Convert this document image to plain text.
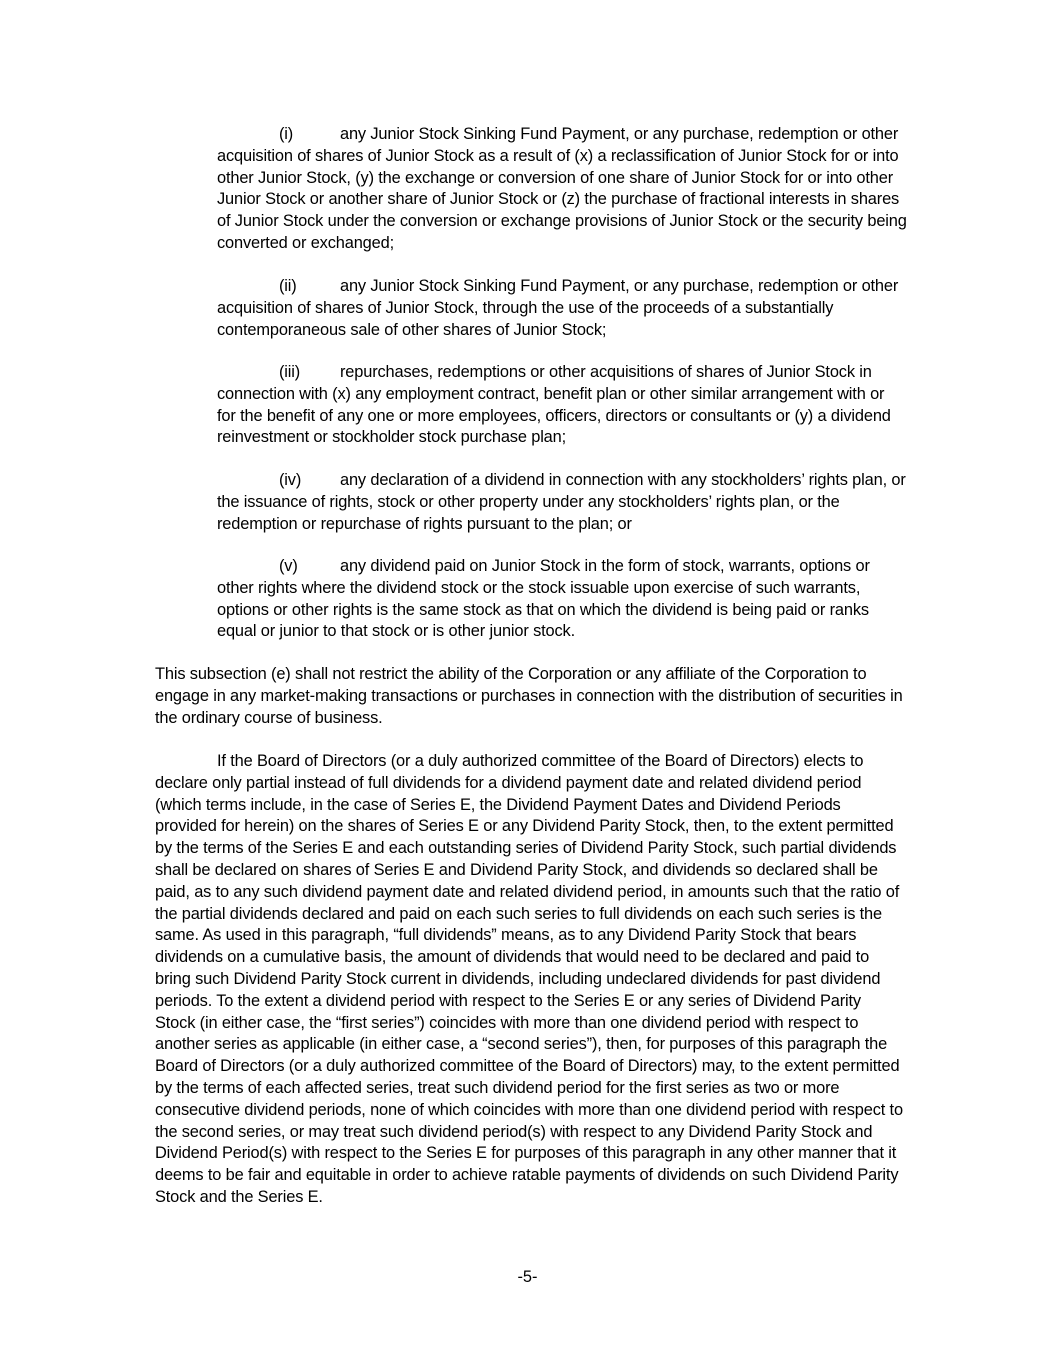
(i)	any Junior Stock Sinking Fund Payment, or any purchase, redemption or other acquisition of shares of Junior Stock as a result of (x) a reclassification of Junior Stock for or into other Junior Stock, (y) the exchange or conversion of one share of Junior Stock for or into other Junior Stock or another share of Junior Stock or (z) the purchase of fractional interests in shares of Junior Stock under the conversion or exchange provisions of Junior Stock or the security being converted or exchanged;
(ii)	any Junior Stock Sinking Fund Payment, or any purchase, redemption or other acquisition of shares of Junior Stock, through the use of the proceeds of a substantially contemporaneous sale of other shares of Junior Stock;
(iii) repurchases, redemptions or other acquisitions of shares of Junior Stock in connection with (x) any employment contract, benefit plan or other similar arrangement with or for the benefit of any one or more employees, officers, directors or consultants or (y) a dividend reinvestment or stockholder stock purchase plan;
(iv) any declaration of a dividend in connection with any stockholders’ rights plan, or the issuance of rights, stock or other property under any stockholders’ rights plan, or the redemption or repurchase of rights pursuant to the plan; or
(v)	any dividend paid on Junior Stock in the form of stock, warrants, options or other rights where the dividend stock or the stock issuable upon exercise of such warrants, options or other rights is the same stock as that on which the dividend is being paid or ranks equal or junior to that stock or is other junior stock.
This subsection (e) shall not restrict the ability of the Corporation or any affiliate of the Corporation to engage in any market-making transactions or purchases in connection with the distribution of securities in the ordinary course of business.
If the Board of Directors (or a duly authorized committee of the Board of Directors) elects to declare only partial instead of full dividends for a dividend payment date and related dividend period (which terms include, in the case of Series E, the Dividend Payment Dates and Dividend Periods provided for herein) on the shares of Series E or any Dividend Parity Stock, then, to the extent permitted by the terms of the Series E and each outstanding series of Dividend Parity Stock, such partial dividends shall be declared on shares of Series E and Dividend Parity Stock, and dividends so declared shall be paid, as to any such dividend payment date and related dividend period, in amounts such that the ratio of the partial dividends declared and paid on each such series to full dividends on each such series is the same. As used in this paragraph, “full dividends” means, as to any Dividend Parity Stock that bears dividends on a cumulative basis, the amount of dividends that would need to be declared and paid to bring such Dividend Parity Stock current in dividends, including undeclared dividends for past dividend periods. To the extent a dividend period with respect to the Series E or any series of Dividend Parity Stock (in either case, the “first series”) coincides with more than one dividend period with respect to another series as applicable (in either case, a “second series”), then, for purposes of this paragraph the Board of Directors (or a duly authorized committee of the Board of Directors) may, to the extent permitted by the terms of each affected series, treat such dividend period for the first series as two or more consecutive dividend periods, none of which coincides with more than one dividend period with respect to the second series, or may treat such dividend period(s) with respect to any Dividend Parity Stock and Dividend Period(s) with respect to the Series E for purposes of this paragraph in any other manner that it deems to be fair and equitable in order to achieve ratable payments of dividends on such Dividend Parity Stock and the Series E.
-5-
